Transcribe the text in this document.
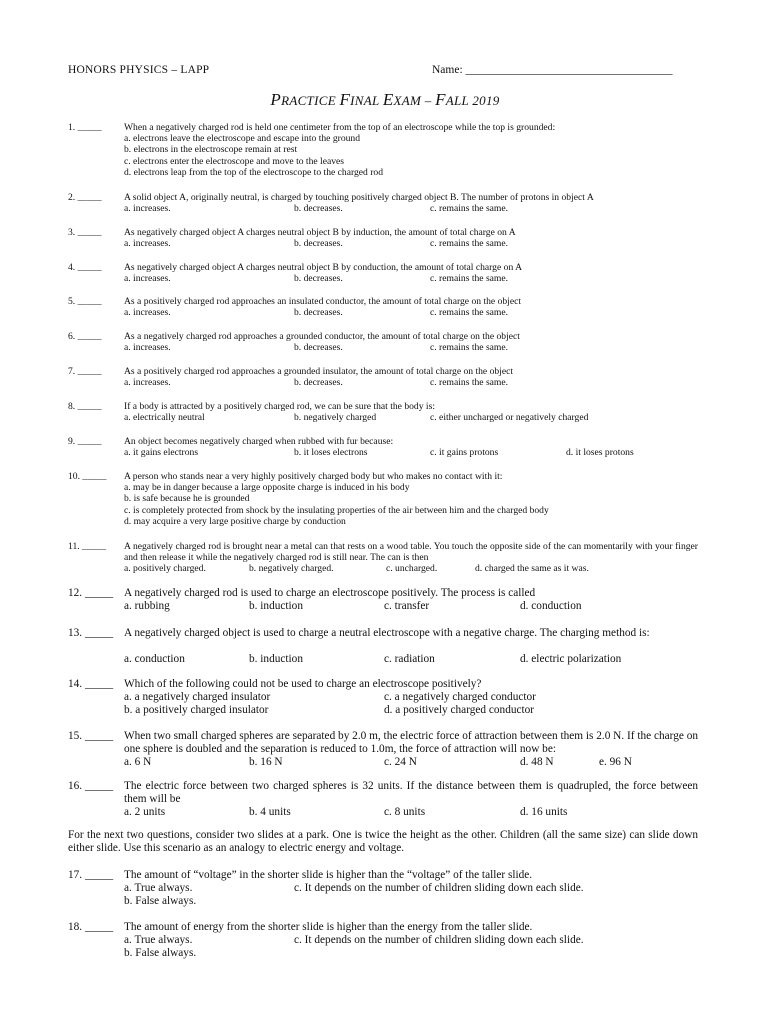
HONORS PHYSICS – LAPP	Name: ____________________________________
PRACTICE FINAL EXAM – FALL 2019
1. _____	When a negatively charged rod is held one centimeter from the top of an electroscope while the top is grounded:
a. electrons leave the electroscope and escape into the ground
b. electrons in the electroscope remain at rest
c. electrons enter the electroscope and move to the leaves
d. electrons leap from the top of the electroscope to the charged rod
2. _____	A solid object A, originally neutral, is charged by touching positively charged object B. The number of protons in object A
a. increases.	b. decreases.	c. remains the same.
3. _____	As negatively charged object A charges neutral object B by induction, the amount of total charge on A
a. increases.	b. decreases.	c. remains the same.
4. _____	As negatively charged object A charges neutral object B by conduction, the amount of total charge on A
a. increases.	b. decreases.	c. remains the same.
5. _____	As a positively charged rod approaches an insulated conductor, the amount of total charge on the object
a. increases.	b. decreases.	c. remains the same.
6. _____	As a negatively charged rod approaches a grounded conductor, the amount of total charge on the object
a. increases.	b. decreases.	c. remains the same.
7. _____	As a positively charged rod approaches a grounded insulator, the amount of total charge on the object
a. increases.	b. decreases.	c. remains the same.
8. _____	If a body is attracted by a positively charged rod, we can be sure that the body is:
a. electrically neutral	b. negatively charged	c. either uncharged or negatively charged
9. _____	An object becomes negatively charged when rubbed with fur because:
a. it gains electrons	b. it loses electrons	c. it gains protons	d. it loses protons
10. _____	A person who stands near a very highly positively charged body but who makes no contact with it:
a. may be in danger because a large opposite charge is induced in his body
b. is safe because he is grounded
c. is completely protected from shock by the insulating properties of the air between him and the charged body
d. may acquire a very large positive charge by conduction
11. _____	A negatively charged rod is brought near a metal can that rests on a wood table. You touch the opposite side of the can momentarily with your finger and then release it while the negatively charged rod is still near. The can is then
a. positively charged.	b. negatively charged.	c. uncharged.	d. charged the same as it was.
12. _____ A negatively charged rod is used to charge an electroscope positively. The process is called
a. rubbing	b. induction	c. transfer	d. conduction
13. _____ A negatively charged object is used to charge a neutral electroscope with a negative charge. The charging method is:
a. conduction	b. induction	c. radiation	d. electric polarization
14. _____ Which of the following could not be used to charge an electroscope positively?
a. a negatively charged insulator	c. a negatively charged conductor
b. a positively charged insulator	d. a positively charged conductor
15. _____ When two small charged spheres are separated by 2.0 m, the electric force of attraction between them is 2.0 N. If the charge on one sphere is doubled and the separation is reduced to 1.0m, the force of attraction will now be:
a. 6 N	b. 16 N	c. 24 N	d. 48 N	e. 96 N
16. _____ The electric force between two charged spheres is 32 units. If the distance between them is quadrupled, the force between them will be
a. 2 units	b. 4 units	c. 8 units	d. 16 units
For the next two questions, consider two slides at a park. One is twice the height as the other. Children (all the same size) can slide down either slide. Use this scenario as an analogy to electric energy and voltage.
17. _____ The amount of “voltage” in the shorter slide is higher than the “voltage” of the taller slide.
a. True always.	c. It depends on the number of children sliding down each slide.
b. False always.
18. _____ The amount of energy from the shorter slide is higher than the energy from the taller slide.
a. True always.	c. It depends on the number of children sliding down each slide.
b. False always.
